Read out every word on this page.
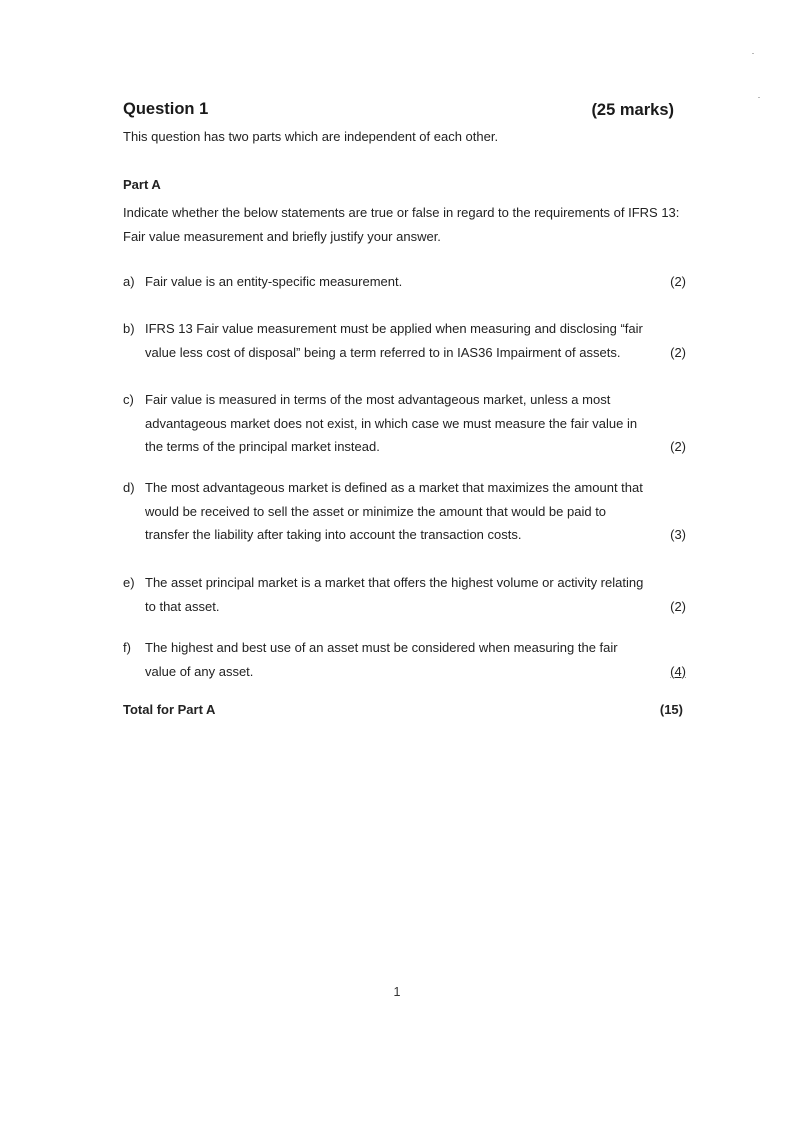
Question 1	(25 marks)
This question has two parts which are independent of each other.
Part A
Indicate whether the below statements are true or false in regard to the requirements of IFRS 13: Fair value measurement and briefly justify your answer.
a) Fair value is an entity-specific measurement.	(2)
b) IFRS 13 Fair value measurement must be applied when measuring and disclosing “fair value less cost of disposal” being a term referred to in IAS36 Impairment of assets.	(2)
c) Fair value is measured in terms of the most advantageous market, unless a most advantageous market does not exist, in which case we must measure the fair value in the terms of the principal market instead.	(2)
d) The most advantageous market is defined as a market that maximizes the amount that would be received to sell the asset or minimize the amount that would be paid to transfer the liability after taking into account the transaction costs.	(3)
e) The asset principal market is a market that offers the highest volume or activity relating to that asset.	(2)
f)	The highest and best use of an asset must be considered when measuring the fair value of any asset.	(4)
Total for Part A	(15)
1
